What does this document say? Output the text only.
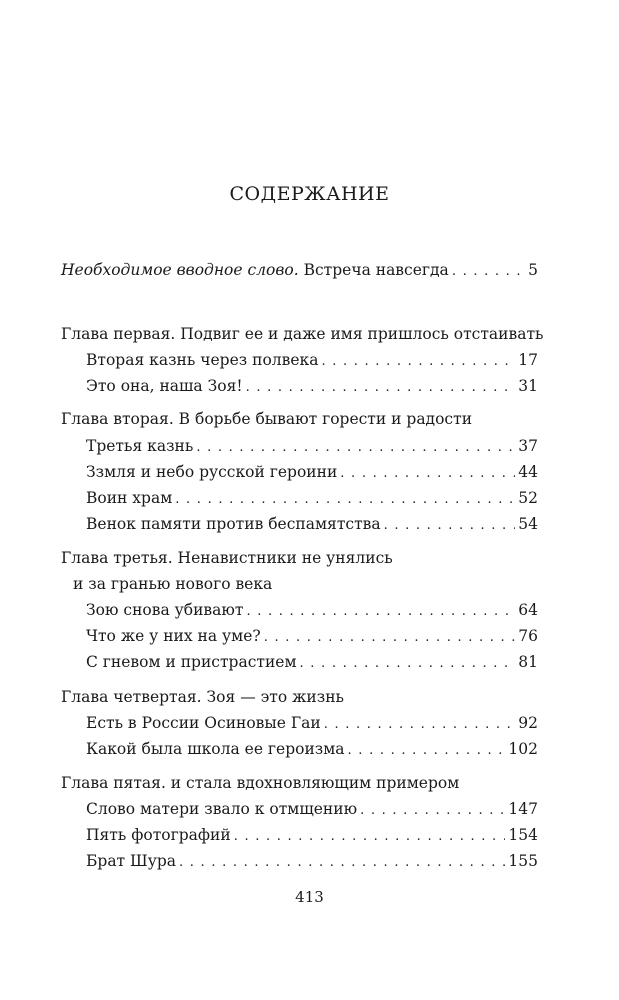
СОДЕРЖАНИЕ
Необходимое вводное слово. Встреча навсегда . . .	5
Глава первая. Подвиг ее и даже имя пришлось отстаивать
Вторая казнь через полвека . . .	17
Это она, наша Зоя! . . .	31
Глава вторая. В борьбе бывают горести и радости
Третья казнь . . .	37
Ззмля и небо русской героини . . .	44
Воин храм . . .	52
Венок памяти против беспамятства . . .	54
Глава третья. Ненавистники не унялись
и за гранью нового века
Зою снова убивают . . .	64
Что же у них на уме? . . .	76
С гневом и пристрастием . . .	81
Глава четвертая. Зоя — это жизнь
Есть в России Осиновые Гаи . . .	92
Какой была школа ее героизма . . .	102
Глава пятая. и стала вдохновляющим примером
Слово матери звало к отмщению . . .	147
Пять фотографий . . .	154
Брат Шура . . .	155
413
